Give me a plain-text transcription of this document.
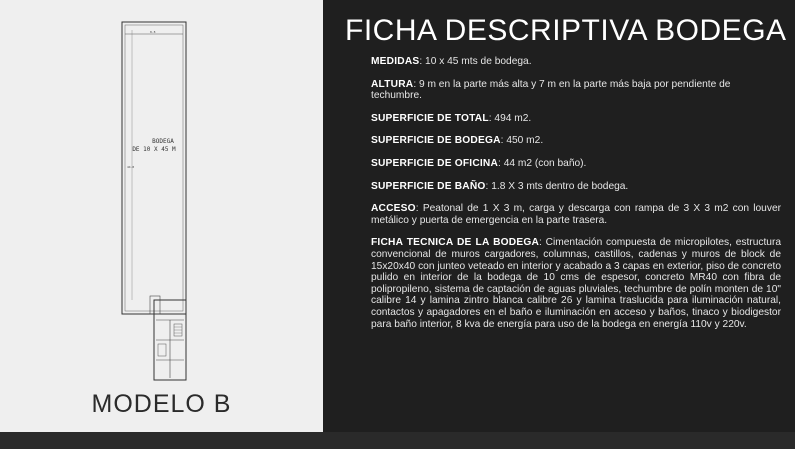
8.8
44.8
BODEGA
DE 10 X 45 M
MODELO B
FICHA DESCRIPTIVA BODEGA

MEDIDAS: 10 x 45 mts de bodega.

ALTURA: 9 m en la parte más alta y 7 m en la parte más baja por pendiente de techumbre.

SUPERFICIE DE TOTAL: 494 m2.

SUPERFICIE DE BODEGA: 450 m2.

SUPERFICIE DE OFICINA: 44 m2 (con baño).

SUPERFICIE DE BAÑO: 1.8 X 3 mts dentro de bodega.

ACCESO: Peatonal de 1 X 3 m, carga y descarga con rampa de 3 X 3 m2 con louver metálico y puerta de emergencia en la parte trasera.

FICHA TECNICA DE LA BODEGA: Cimentación compuesta de micropilotes, estructura convencional de muros cargadores, columnas, castillos, cadenas y muros de block de 15x20x40 con junteo veteado en interior y acabado a 3 capas en exterior, piso de concreto pulido en interior de la bodega de 10 cms de espesor, concreto MR40 con fibra de polipropileno, sistema de captación de aguas pluviales, techumbre de polín monten de 10" calibre 14 y lamina zintro blanca calibre 26 y lamina traslucida para iluminación natural, contactos y apagadores en el baño e iluminación en acceso y baños, tinaco y biodigestor para baño interior, 8 kva de energía para uso de la bodega en energía 110v y 220v.
